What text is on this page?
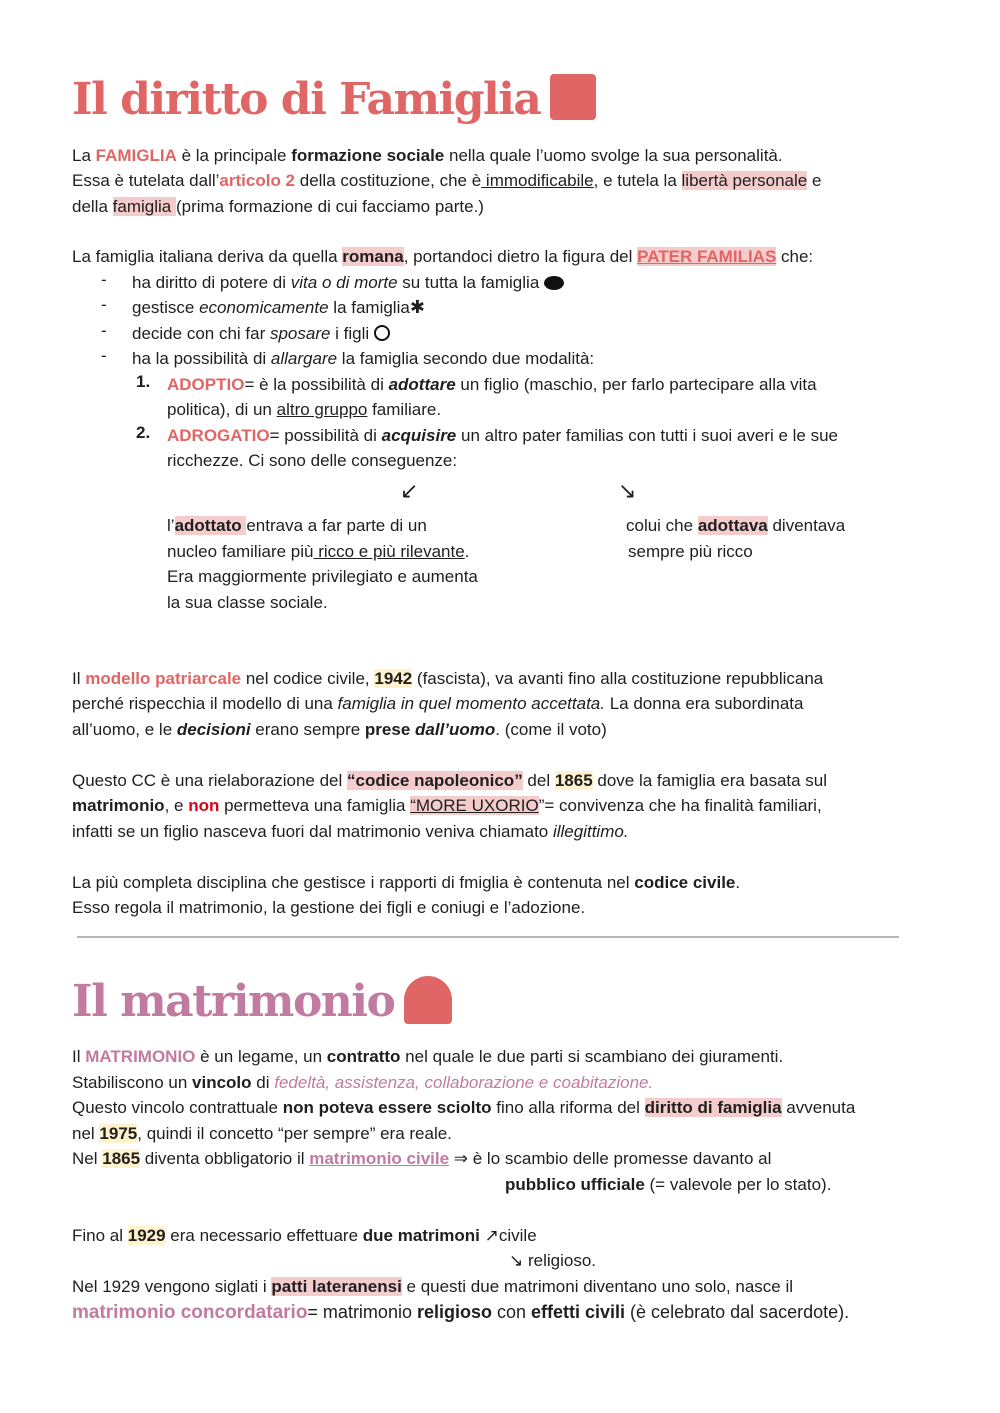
Il diritto di Famiglia
La FAMIGLIA è la principale formazione sociale nella quale l’uomo svolge la sua personalità.
Essa è tutelata dall’articolo 2 della costituzione, che è immodificabile, e tutela la libertà personale e
della famiglia (prima formazione di cui facciamo parte.)
La famiglia italiana deriva da quella romana, portandoci dietro la figura del PATER FAMILIAS che:
- ha diritto di potere di vita o di morte su tutta la famiglia
- gestisce economicamente la famiglia✱
- decide con chi far sposare i figli
- ha la possibilità di allargare la famiglia secondo due modalità:
1. ADOPTIO= è la possibilità di adottare un figlio (maschio, per farlo partecipare alla vita
politica), di un altro gruppo familiare.
2. ADROGATIO= possibilità di acquisire un altro pater familias con tutti i suoi averi e le sue
ricchezze. Ci sono delle conseguenze:
↙	↘
l’adottato entrava a far parte di un
nucleo familiare più ricco e più rilevante.
Era maggiormente privilegiato e aumenta
la sua classe sociale.
colui che adottava diventava
sempre più ricco
Il modello patriarcale nel codice civile, 1942 (fascista), va avanti fino alla costituzione repubblicana
perché rispecchia il modello di una famiglia in quel momento accettata. La donna era subordinata
all’uomo, e le decisioni erano sempre prese dall’uomo. (come il voto)
Questo CC è una rielaborazione del “codice napoleonico” del 1865 dove la famiglia era basata sul
matrimonio, e non permetteva una famiglia “MORE UXORIO”= convivenza che ha finalità familiari,
infatti se un figlio nasceva fuori dal matrimonio veniva chiamato illegittimo.
La più completa disciplina che gestisce i rapporti di fmiglia è contenuta nel codice civile.
Esso regola il matrimonio, la gestione dei figli e coniugi e l’adozione.
Il matrimonio
Il MATRIMONIO è un legame, un contratto nel quale le due parti si scambiano dei giuramenti.
Stabiliscono un vincolo di fedeltà, assistenza, collaborazione e coabitazione.
Questo vincolo contrattuale non poteva essere sciolto fino alla riforma del diritto di famiglia avvenuta
nel 1975, quindi il concetto “per sempre” era reale.
Nel 1865 diventa obbligatorio il matrimonio civile ⇒ è lo scambio delle promesse davanto al
pubblico ufficiale (= valevole per lo stato).
Fino al 1929 era necessario effettuare due matrimoni ↗civile
↘ religioso.
Nel 1929 vengono siglati i patti lateranensi e questi due matrimoni diventano uno solo, nasce il
matrimonio concordatario= matrimonio religioso con effetti civili (è celebrato dal sacerdote).
